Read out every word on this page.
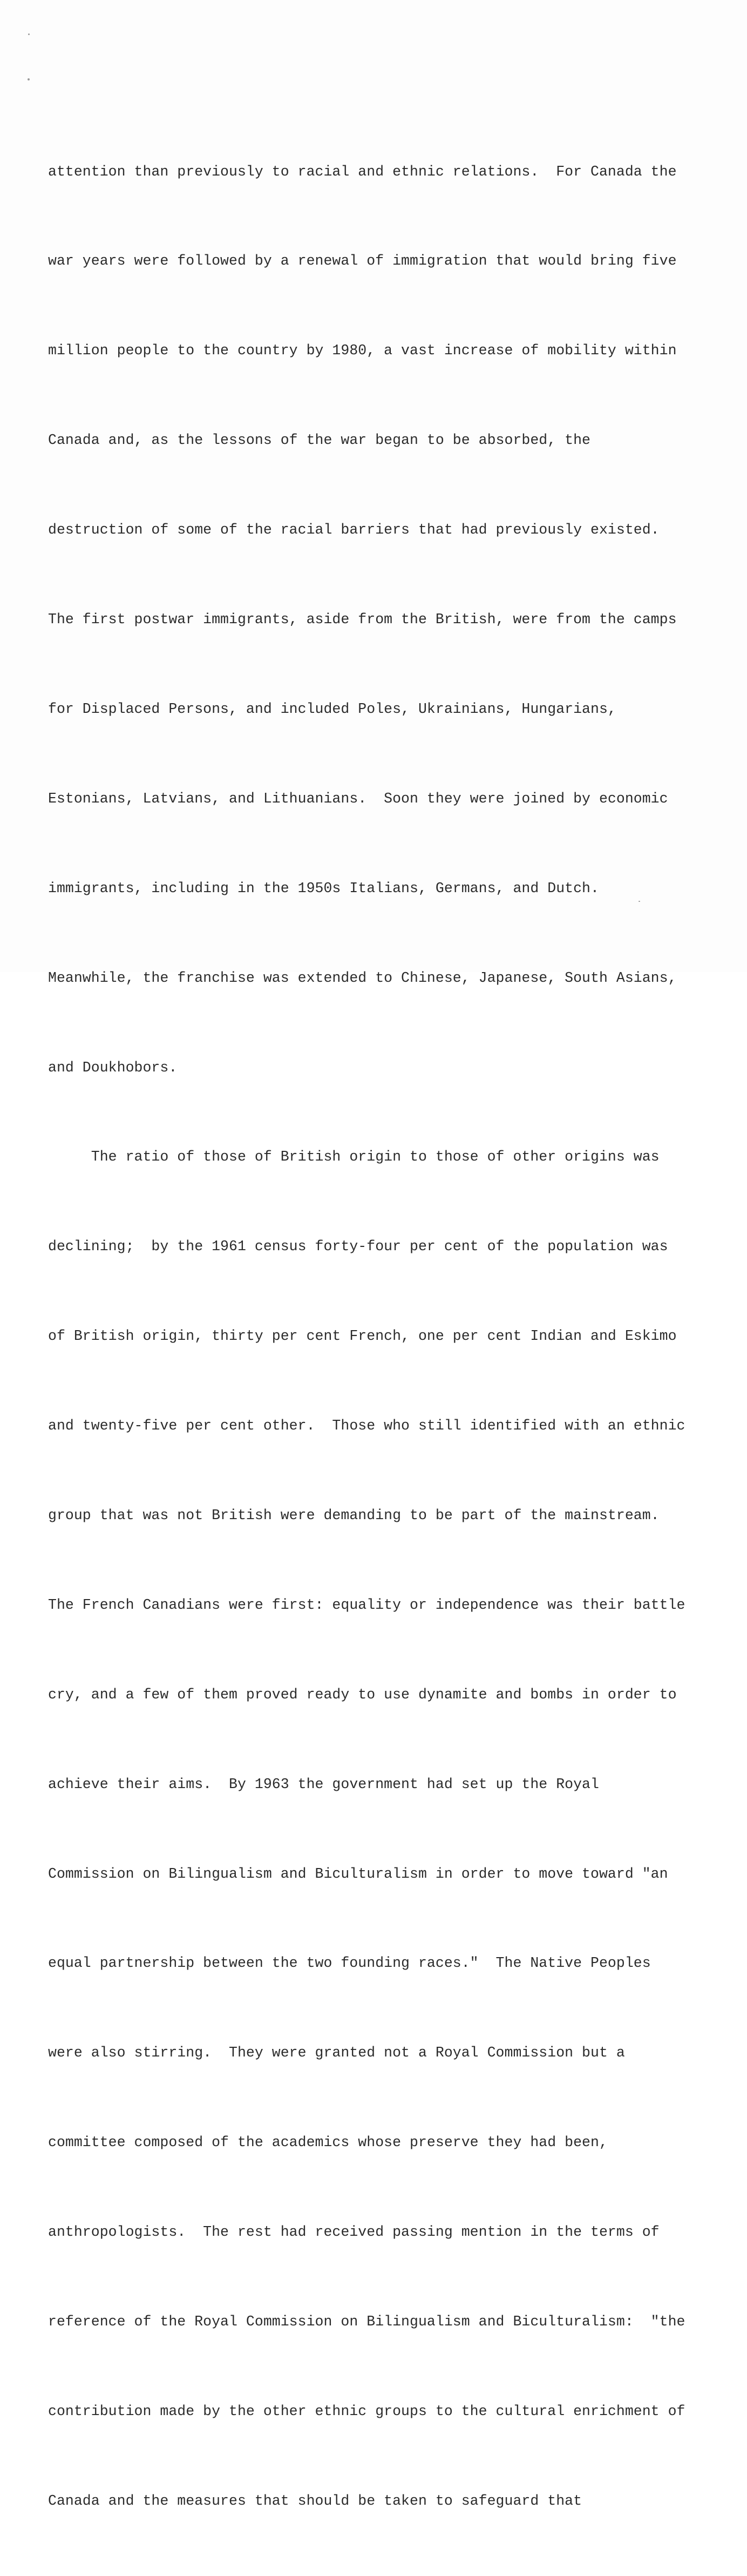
attention than previously to racial and ethnic relations.  For Canada the

war years were followed by a renewal of immigration that would bring five

million people to the country by 1980, a vast increase of mobility within

Canada and, as the lessons of the war began to be absorbed, the

destruction of some of the racial barriers that had previously existed.

The first postwar immigrants, aside from the British, were from the camps

for Displaced Persons, and included Poles, Ukrainians, Hungarians,

Estonians, Latvians, and Lithuanians.  Soon they were joined by economic

immigrants, including in the 1950s Italians, Germans, and Dutch.

Meanwhile, the franchise was extended to Chinese, Japanese, South Asians,

and Doukhobors.

The ratio of those of British origin to those of other origins was

declining;  by the 1961 census forty-four per cent of the population was

of British origin, thirty per cent French, one per cent Indian and Eskimo

and twenty-five per cent other.  Those who still identified with an ethnic

group that was not British were demanding to be part of the mainstream.

The French Canadians were first: equality or independence was their battle

cry, and a few of them proved ready to use dynamite and bombs in order to

achieve their aims.  By 1963 the government had set up the Royal

Commission on Bilingualism and Biculturalism in order to move toward "an

equal partnership between the two founding races."  The Native Peoples

were also stirring.  They were granted not a Royal Commission but a

committee composed of the academics whose preserve they had been,

anthropologists.  The rest had received passing mention in the terms of

reference of the Royal Commission on Bilingualism and Biculturalism:  "the

contribution made by the other ethnic groups to the cultural enrichment of

Canada and the measures that should be taken to safeguard that
